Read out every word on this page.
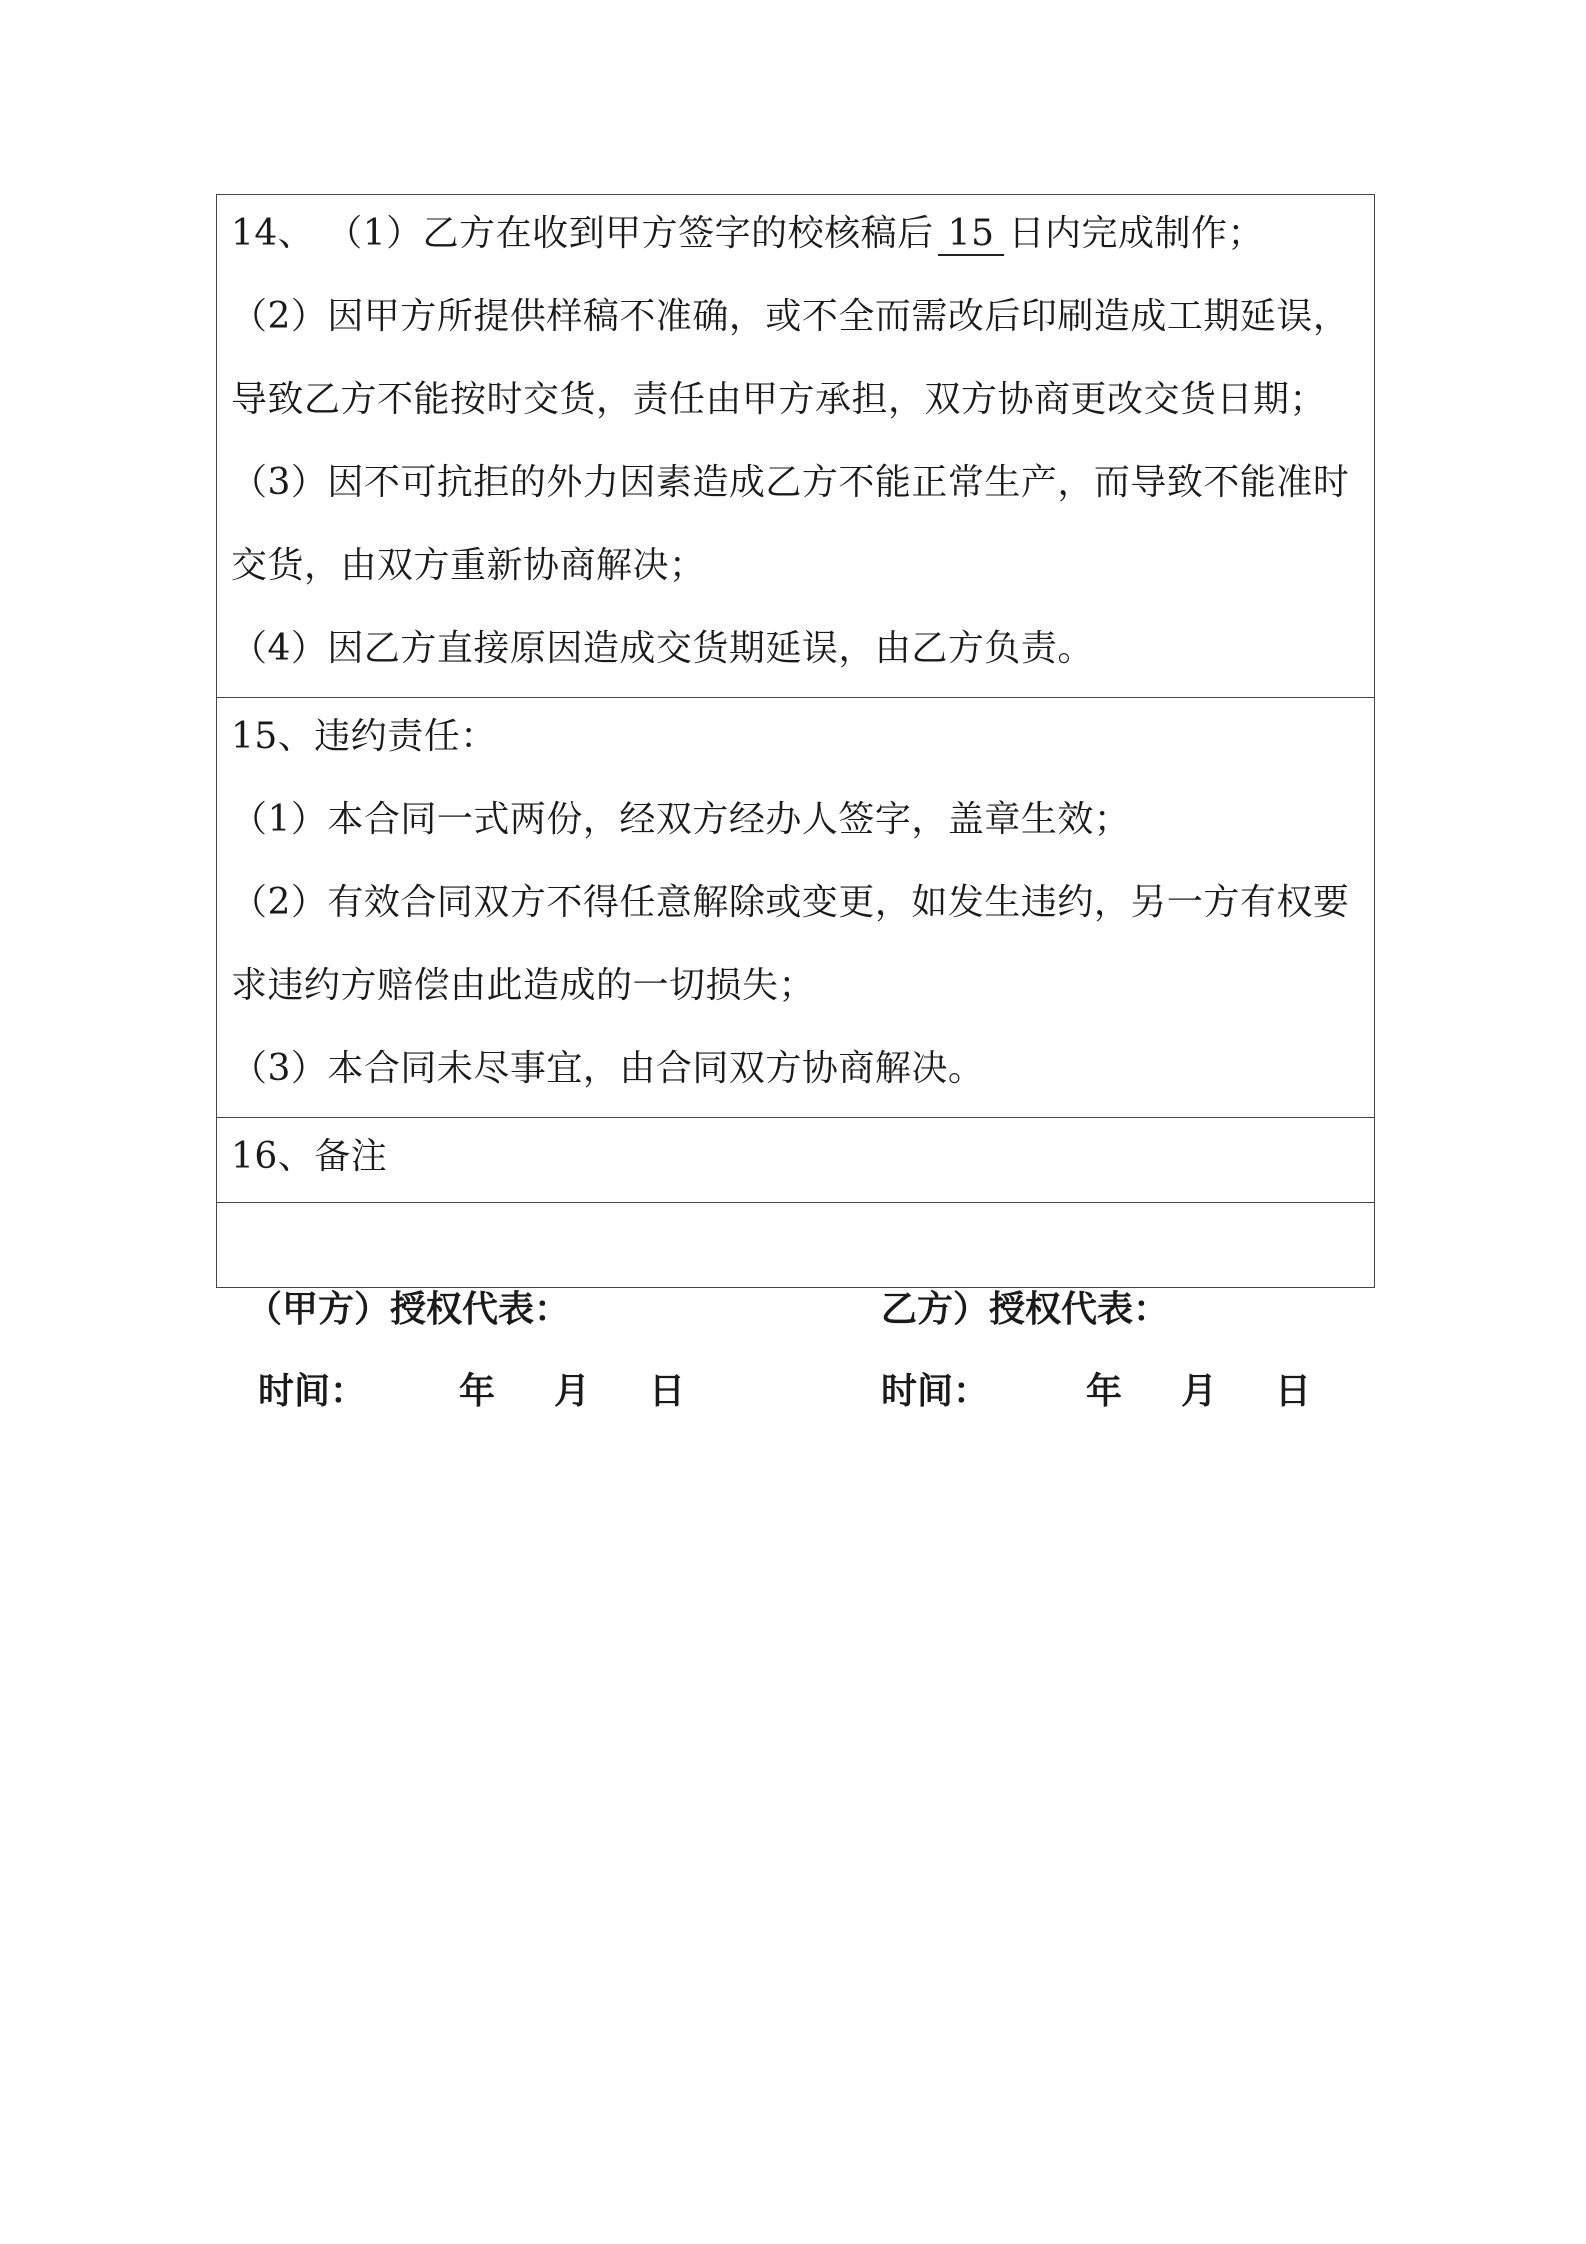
14、 （1）乙方在收到甲方签字的校核稿后 15 日内完成制作；
（2）因甲方所提供样稿不准确，或不全而需改后印刷造成工期延误，
导致乙方不能按时交货，责任由甲方承担，双方协商更改交货日期；
（3）因不可抗拒的外力因素造成乙方不能正常生产，而导致不能准时
交货，由双方重新协商解决；
（4）因乙方直接原因造成交货期延误，由乙方负责。
15、违约责任：
（1）本合同一式两份，经双方经办人签字，盖章生效；
（2）有效合同双方不得任意解除或变更，如发生违约，另一方有权要
求违约方赔偿由此造成的一切损失；
（3）本合同未尽事宜，由合同双方协商解决。
16、备注
（甲方）授权代表：
时间：	年 月 日
乙方）授权代表：
时间：	年 月 日
